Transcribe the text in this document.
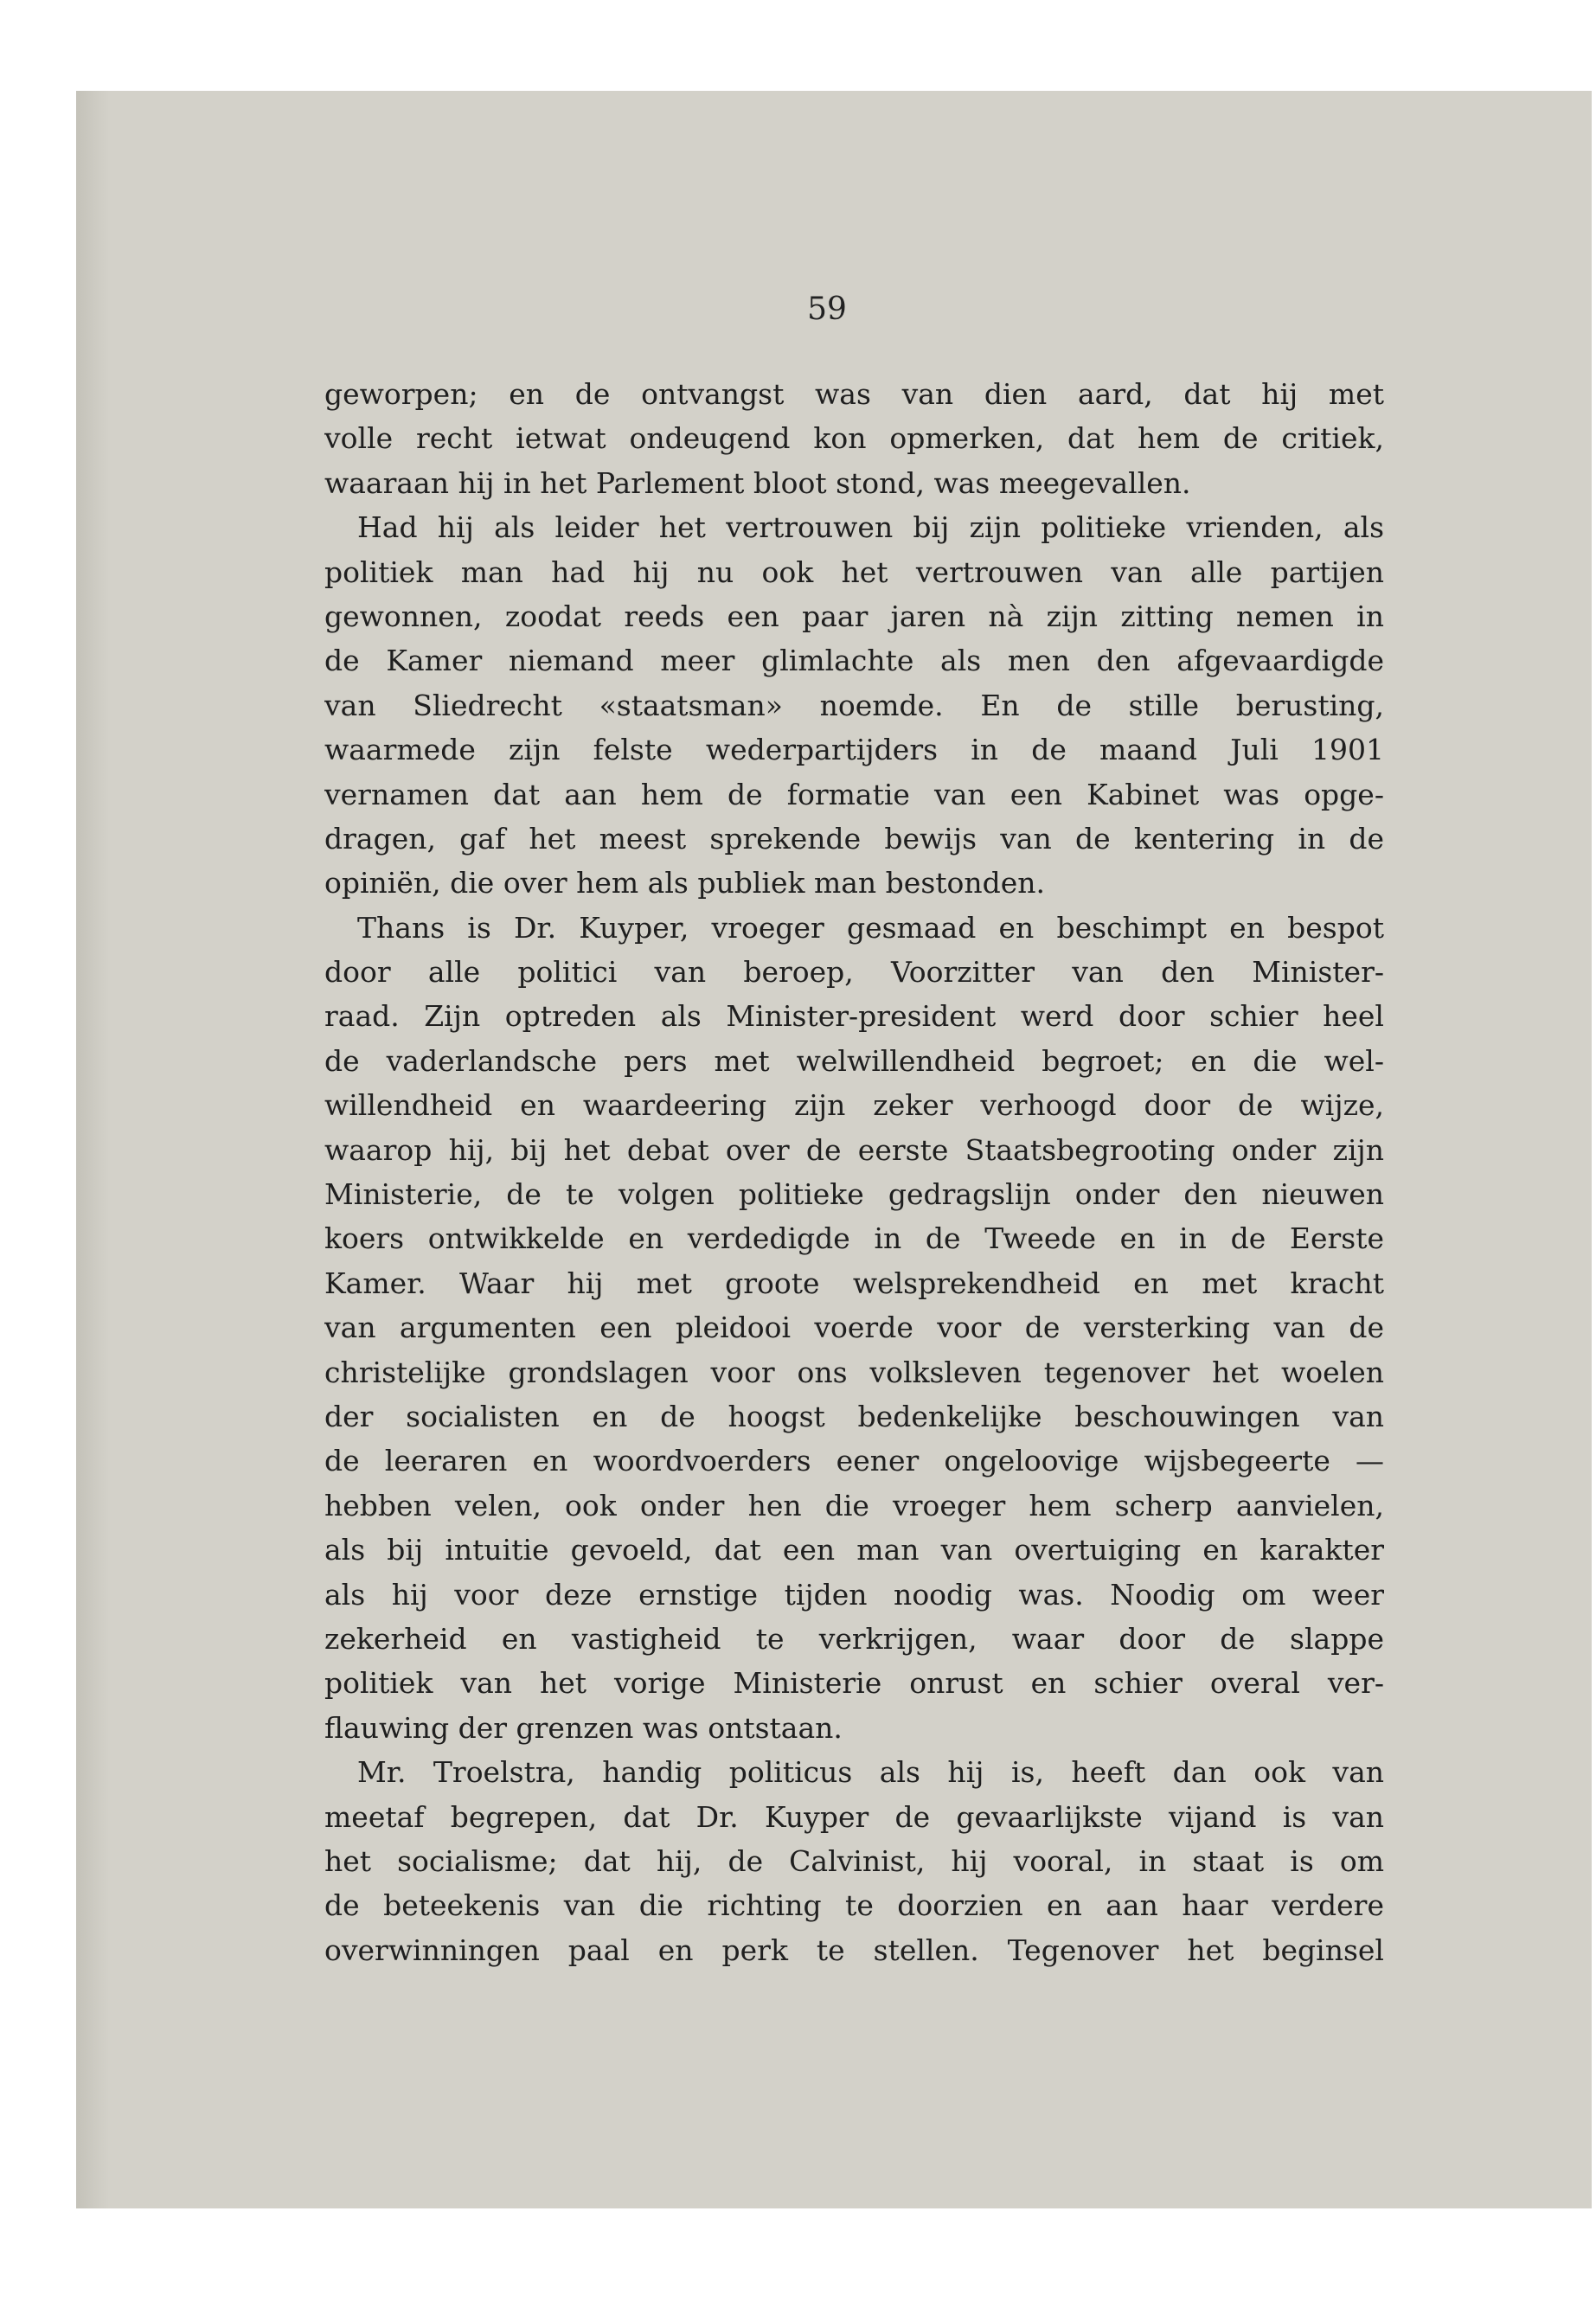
59
geworpen; en de ontvangst was van dien aard, dat hij met
volle recht ietwat ondeugend kon opmerken, dat hem de critiek,
waaraan hij in het Parlement bloot stond, was meegevallen.
Had hij als leider het vertrouwen bij zijn politieke vrienden, als
politiek man had hij nu ook het vertrouwen van alle partijen
gewonnen, zoodat reeds een paar jaren nà zijn zitting nemen in
de Kamer niemand meer glimlachte als men den afgevaardigde
van Sliedrecht «staatsman» noemde. En de stille berusting,
waarmede zijn felste wederpartijders in de maand Juli 1901
vernamen dat aan hem de formatie van een Kabinet was opge-
dragen, gaf het meest sprekende bewijs van de kentering in de
opiniën, die over hem als publiek man bestonden.
Thans is Dr. Kuyper, vroeger gesmaad en beschimpt en bespot
door alle politici van beroep, Voorzitter van den Minister-
raad. Zijn optreden als Minister-president werd door schier heel
de vaderlandsche pers met welwillendheid begroet; en die wel-
willendheid en waardeering zijn zeker verhoogd door de wijze,
waarop hij, bij het debat over de eerste Staatsbegrooting onder zijn
Ministerie, de te volgen politieke gedragslijn onder den nieuwen
koers ontwikkelde en verdedigde in de Tweede en in de Eerste
Kamer. Waar hij met groote welsprekendheid en met kracht
van argumenten een pleidooi voerde voor de versterking van de
christelijke grondslagen voor ons volksleven tegenover het woelen
der socialisten en de hoogst bedenkelijke beschouwingen van
de leeraren en woordvoerders eener ongeloovige wijsbegeerte —
hebben velen, ook onder hen die vroeger hem scherp aanvielen,
als bij intuitie gevoeld, dat een man van overtuiging en karakter
als hij voor deze ernstige tijden noodig was. Noodig om weer
zekerheid en vastigheid te verkrijgen, waar door de slappe
politiek van het vorige Ministerie onrust en schier overal ver-
flauwing der grenzen was ontstaan.
Mr. Troelstra, handig politicus als hij is, heeft dan ook van
meetaf begrepen, dat Dr. Kuyper de gevaarlijkste vijand is van
het socialisme; dat hij, de Calvinist, hij vooral, in staat is om
de beteekenis van die richting te doorzien en aan haar verdere
overwinningen paal en perk te stellen. Tegenover het beginsel
